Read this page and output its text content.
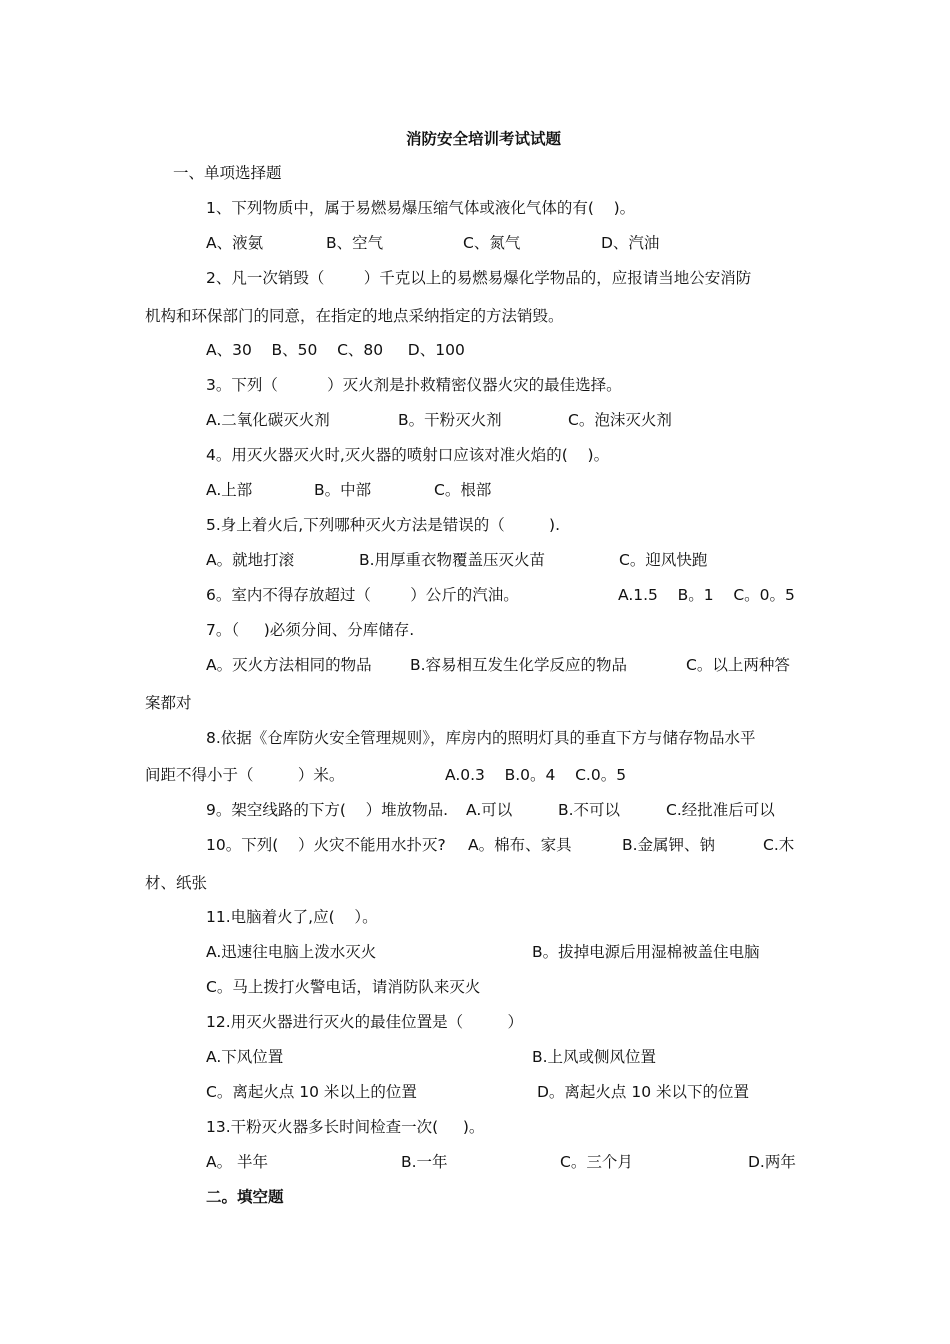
消防安全培训考试试题
一、单项选择题
1、下列物质中，属于易燃易爆压缩气体或液化气体的有(    )。
A、液氨	B、空气	C、氮气	D、汽油
2、凡一次销毁（        ）千克以上的易燃易爆化学物品的，应报请当地公安消防
机构和环保部门的同意，在指定的地点采纳指定的方法销毁。
A、30    B、50    C、80     D、100
3。下列（          ）灭火剂是扑救精密仪器火灾的最佳选择。
A.二氧化碳灭火剂	B。干粉灭火剂	C。泡沫灭火剂
4。用灭火器灭火时,灭火器的喷射口应该对准火焰的(    )。
A.上部	B。中部	C。根部
5.身上着火后,下列哪种灭火方法是错误的（         ).
A。就地打滚	B.用厚重衣物覆盖压灭火苗	C。迎风快跑
6。室内不得存放超过（        ）公斤的汽油。	A.1.5    B。1    C。0。5
7。（     )必须分间、分库储存.
A。灭火方法相同的物品 B.容易相互发生化学反应的物品	C。以上两种答
案都对
8.依据《仓库防火安全管理规则》，库房内的照明灯具的垂直下方与储存物品水平
间距不得小于（         ）米。	A.0.3    B.0。4    C.0。5
9。架空线路的下方(    ）堆放物品. A.可以	B.不可以	C.经批准后可以
10。下列(    ）火灾不能用水扑灭? A。棉布、家具	B.金属钾、钠	C.木
材、纸张
11.电脑着火了,应(    ）。
A.迅速往电脑上泼水灭火	B。拔掉电源后用湿棉被盖住电脑
C。马上拨打火警电话，请消防队来灭火
12.用灭火器进行灭火的最佳位置是（         ）
A.下风位置	B.上风或侧风位置
C。离起火点 10 米以上的位置	D。离起火点 10 米以下的位置
13.干粉灭火器多长时间检查一次(     )。
A。 半年	B.一年	C。三个月	D.两年
二。填空题
